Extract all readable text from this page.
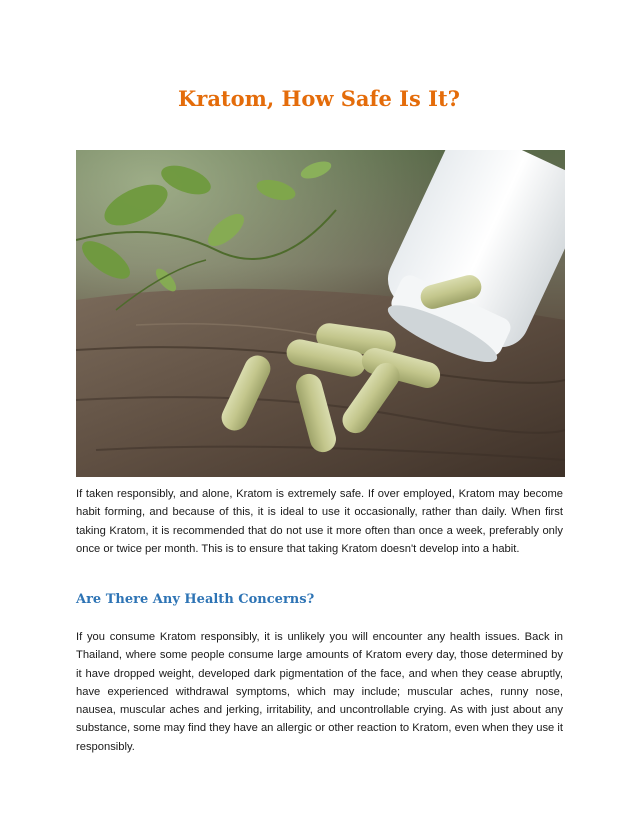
Kratom, How Safe Is It?

If taken responsibly, and alone, Kratom is extremely safe. If over employed, Kratom may become habit forming, and because of this, it is ideal to use it occasionally, rather than daily. When first taking Kratom, it is recommended that do not use it more often than once a week, preferably only once or twice per month. This is to ensure that taking Kratom doesn't develop into a habit.

Are There Any Health Concerns?

If you consume Kratom responsibly, it is unlikely you will encounter any health issues. Back in Thailand, where some people consume large amounts of Kratom every day, those determined by it have dropped weight, developed dark pigmentation of the face, and when they cease abruptly, have experienced withdrawal symptoms, which may include; muscular aches, runny nose, nausea, muscular aches and jerking, irritability, and uncontrollable crying. As with just about any substance, some may find they have an allergic or other reaction to Kratom, even when they use it responsibly.
